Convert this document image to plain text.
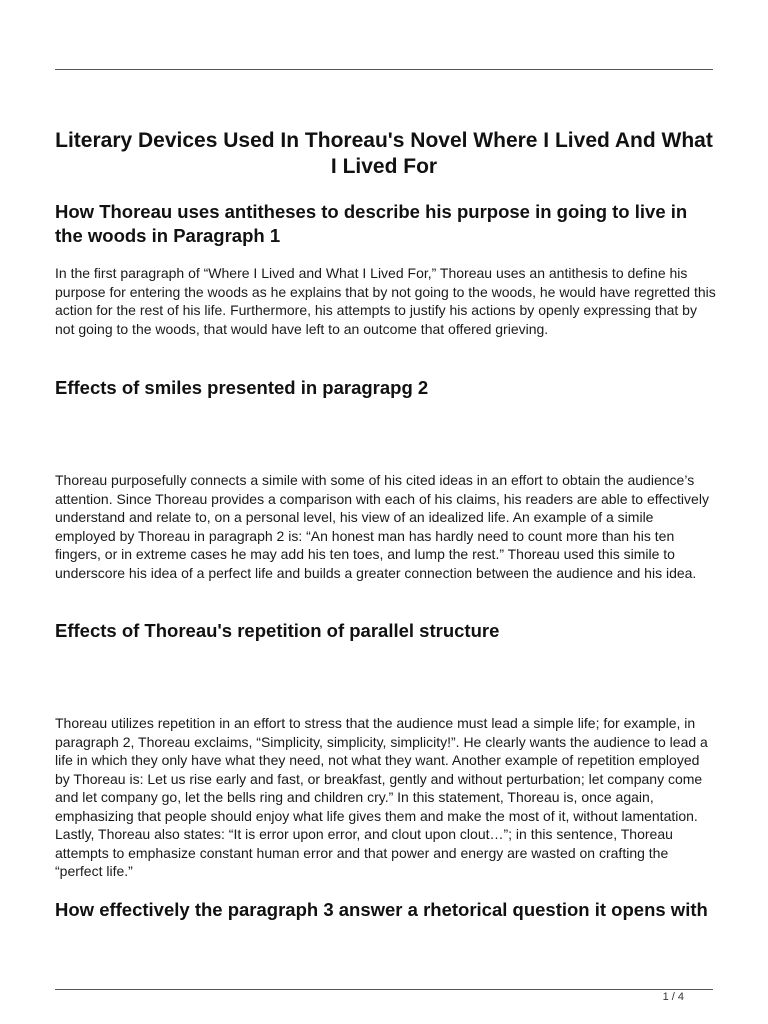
Literary Devices Used In Thoreau's Novel Where I Lived And What I Lived For
How Thoreau uses antitheses to describe his purpose in going to live in the woods in Paragraph 1

In the first paragraph of “Where I Lived and What I Lived For,” Thoreau uses an antithesis to define his purpose for entering the woods as he explains that by not going to the woods, he would have regretted this action for the rest of his life. Furthermore, his attempts to justify his actions by openly expressing that by not going to the woods, that would have left to an outcome that offered grieving.

Effects of smiles presented in paragrapg 2

Thoreau purposefully connects a simile with some of his cited ideas in an effort to obtain the audience’s attention. Since Thoreau provides a comparison with each of his claims, his readers are able to effectively understand and relate to, on a personal level, his view of an idealized life. An example of a simile employed by Thoreau in paragraph 2 is: “An honest man has hardly need to count more than his ten fingers, or in extreme cases he may add his ten toes, and lump the rest.” Thoreau used this simile to underscore his idea of a perfect life and builds a greater connection between the audience and his idea.

Effects of Thoreau's repetition of parallel structure

Thoreau utilizes repetition in an effort to stress that the audience must lead a simple life; for example, in paragraph 2, Thoreau exclaims, “Simplicity, simplicity, simplicity!”. He clearly wants the audience to lead a life in which they only have what they need, not what they want. Another example of repetition employed by Thoreau is: Let us rise early and fast, or breakfast, gently and without perturbation; let company come and let company go, let the bells ring and children cry.” In this statement, Thoreau is, once again, emphasizing that people should enjoy what life gives them and make the most of it, without lamentation. Lastly, Thoreau also states: “It is error upon error, and clout upon clout…”; in this sentence, Thoreau attempts to emphasize constant human error and that power and energy are wasted on crafting the “perfect life.”

How effectively the paragraph 3 answer a rhetorical question it opens with
1 / 4
